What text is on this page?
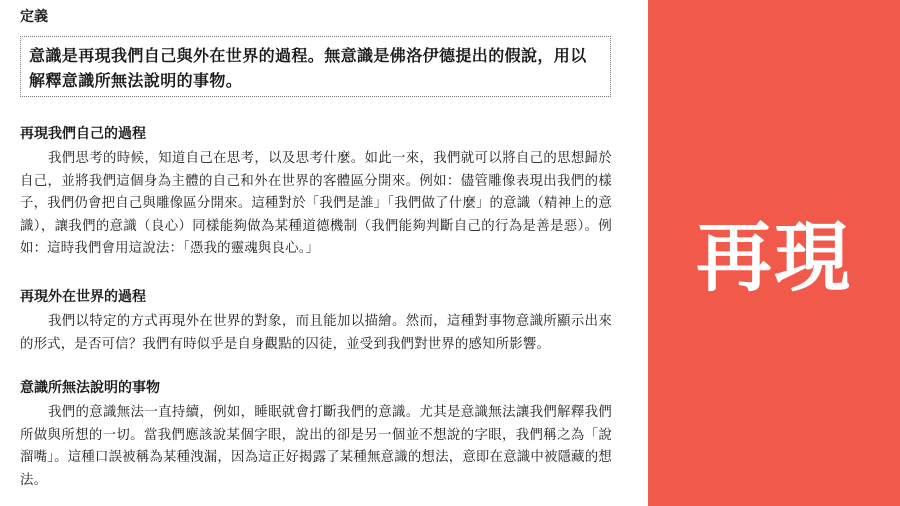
定義
意識是再現我們自己與外在世界的過程。無意識是佛洛伊德提出的假說，用以解釋意識所無法說明的事物。
再現我們自己的過程
我們思考的時候，知道自己在思考，以及思考什麼。如此一來，我們就可以將自己的思想歸於自己，並將我們這個身為主體的自己和外在世界的客體區分開來。例如：儘管雕像表現出我們的樣子，我們仍會把自己與雕像區分開來。這種對於「我們是誰」「我們做了什麼」的意識（精神上的意識），讓我們的意識（良心）同樣能夠做為某種道德機制（我們能夠判斷自己的行為是善是惡）。例如：這時我們會用這說法：「憑我的靈魂與良心。」
再現外在世界的過程
我們以特定的方式再現外在世界的對象，而且能加以描繪。然而，這種對事物意識所顯示出來的形式，是否可信？我們有時似乎是自身觀點的囚徒，並受到我們對世界的感知所影響。
意識所無法說明的事物
我們的意識無法一直持續，例如，睡眠就會打斷我們的意識。尤其是意識無法讓我們解釋我們所做與所想的一切。當我們應該說某個字眼，說出的卻是另一個並不想說的字眼，我們稱之為「說溜嘴」。這種口誤被稱為某種洩漏，因為這正好揭露了某種無意識的想法，意即在意識中被隱藏的想法。
再現
